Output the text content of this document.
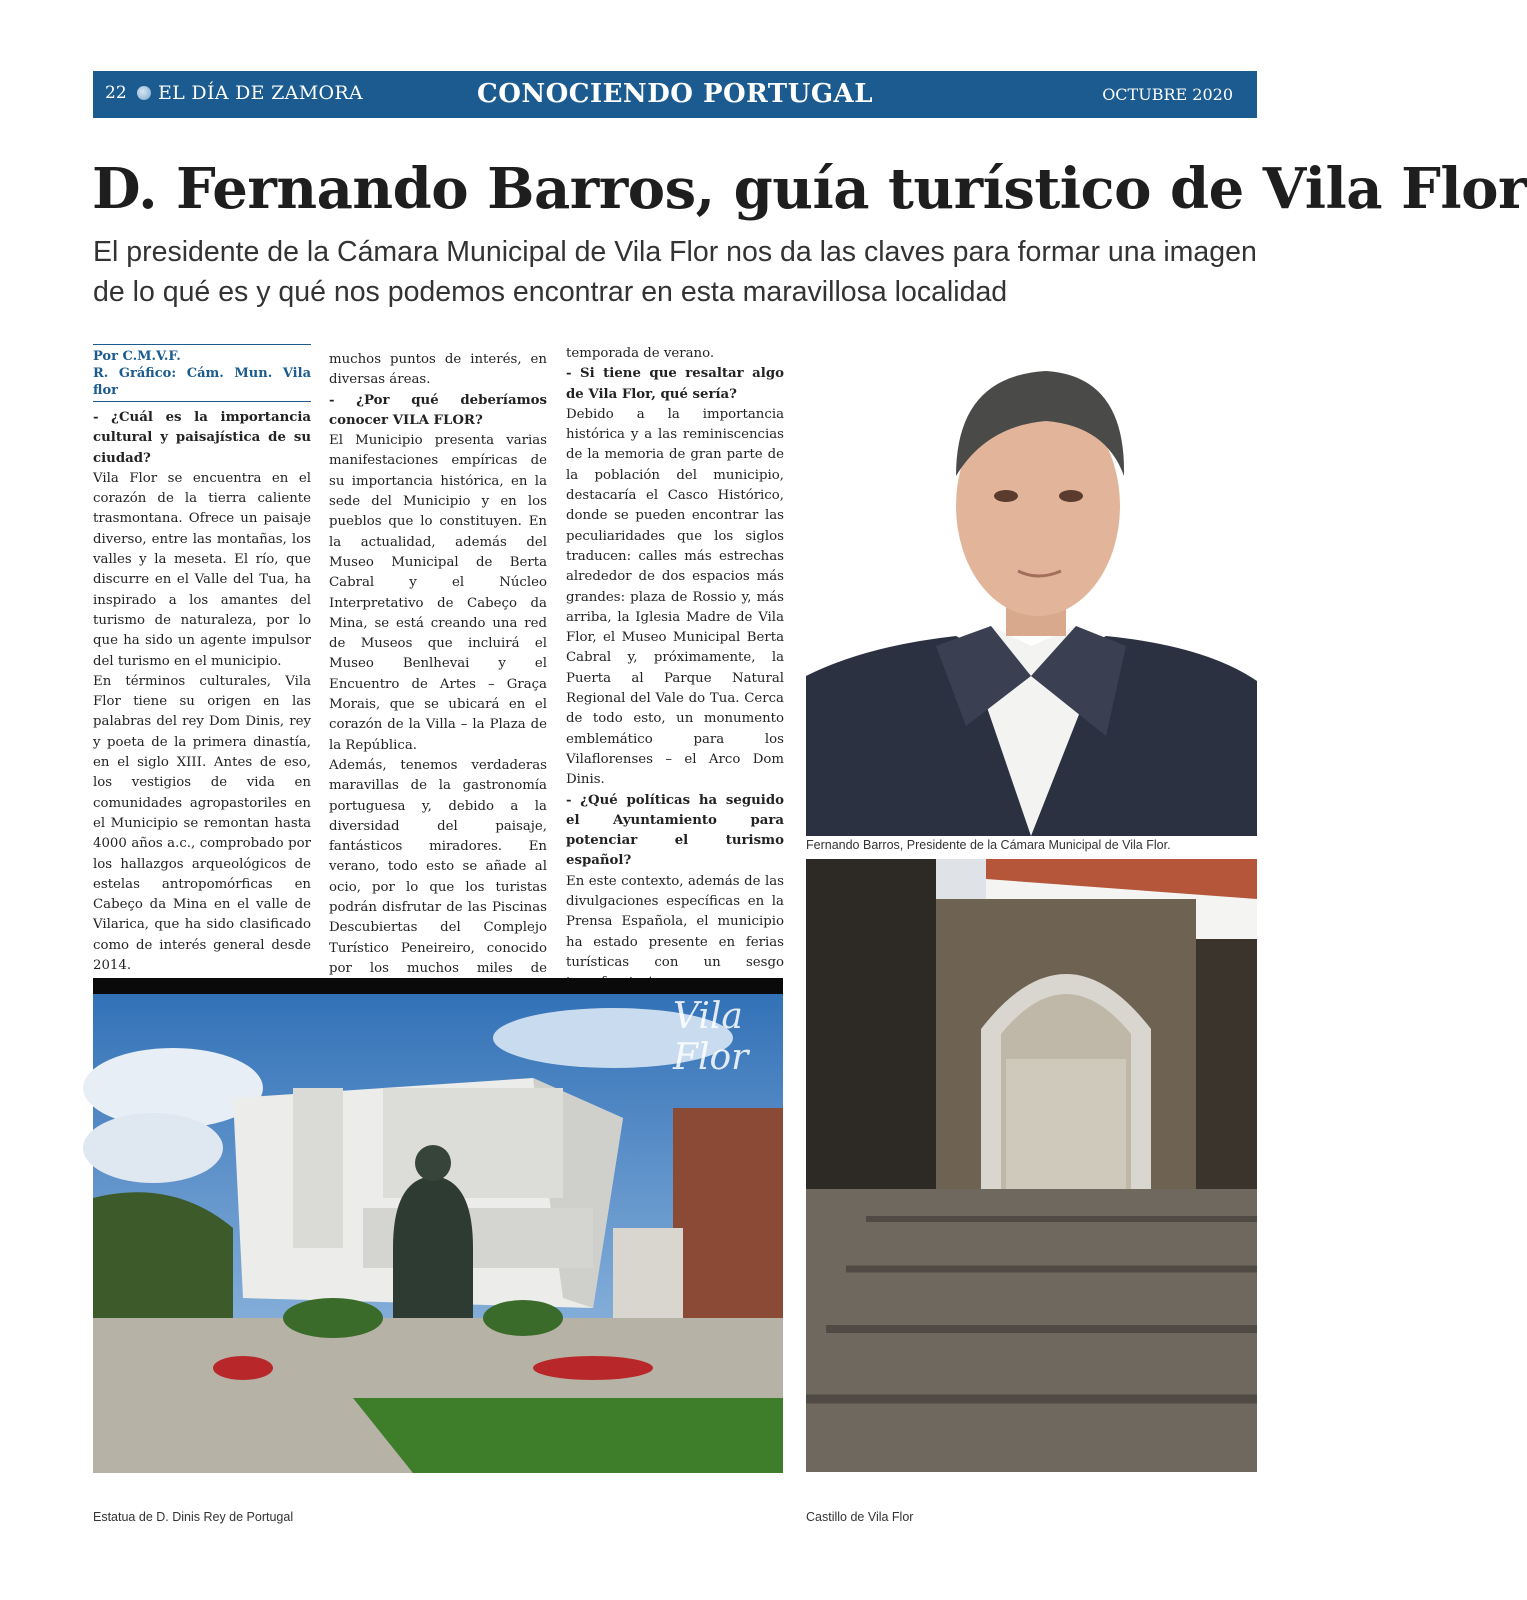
22 EL DÍA DE ZAMORA	CONOCIENDO PORTUGAL	OCTUBRE 2020
D. Fernando Barros, guía turístico de Vila Flor

El presidente de la Cámara Municipal de Vila Flor nos da las claves para formar una imagen de lo qué es y qué nos podemos encontrar en esta maravillosa localidad

Por C.M.V.F.
R. Gráfico: Cám. Mun. Vila flor

- ¿Cuál es la importancia cultural y paisajística de su ciudad?

Vila Flor se encuentra en el corazón de la tierra caliente trasmontana. Ofrece un paisaje diverso, entre las montañas, los valles y la meseta. El río, que discurre en el Valle del Tua, ha inspirado a los amantes del turismo de naturaleza, por lo que ha sido un agente impulsor del turismo en el municipio.

En términos culturales, Vila Flor tiene su origen en las palabras del rey Dom Dinis, rey y poeta de la primera dinastía, en el siglo XIII. Antes de eso, los vestigios de vida en comunidades agropastoriles en el Municipio se remontan hasta 4000 años a.c., comprobado por los hallazgos arqueológicos de estelas antropomórficas en Cabeço da Mina en el valle de Vilarica, que ha sido clasificado como de interés general desde 2014.

muchos puntos de interés, en diversas áreas.

- ¿Por qué deberíamos conocer VILA FLOR?

El Municipio presenta varias manifestaciones empíricas de su importancia histórica, en la sede del Municipio y en los pueblos que lo constituyen. En la actualidad, además del Museo Municipal de Berta Cabral y el Núcleo Interpretativo de Cabeço da Mina, se está creando una red de Museos que incluirá el Museo Benlhevai y el Encuentro de Artes – Graça Morais, que se ubicará en el corazón de la Villa – la Plaza de la República.

Además, tenemos verdaderas maravillas de la gastronomía portuguesa y, debido a la diversidad del paisaje, fantásticos miradores. En verano, todo esto se añade al ocio, por lo que los turistas podrán disfrutar de las Piscinas Descubiertas del Complejo Turístico Peneireiro, conocido por los muchos miles de

temporada de verano.

- Si tiene que resaltar algo de Vila Flor, qué sería?

Debido a la importancia histórica y a las reminiscencias de la memoria de gran parte de la población del municipio, destacaría el Casco Histórico, donde se pueden encontrar las peculiaridades que los siglos traducen: calles más estrechas alrededor de dos espacios más grandes: plaza de Rossio y, más arriba, la Iglesia Madre de Vila Flor, el Museo Municipal Berta Cabral y, próximamente, la Puerta al Parque Natural Regional del Vale do Tua. Cerca de todo esto, un monumento emblemático para los Vilaflorenses – el Arco Dom Dinis.

- ¿Qué políticas ha seguido el Ayuntamiento para potenciar el turismo español?

En este contexto, además de las divulgaciones específicas en la Prensa Española, el municipio ha estado presente en ferias turísticas con un sesgo

Fernando Barros, Presidente de la Cámara Municipal de Vila Flor.
Vila Flor
Estatua de D. Dinis Rey de Portugal	Castillo de Vila Flor
